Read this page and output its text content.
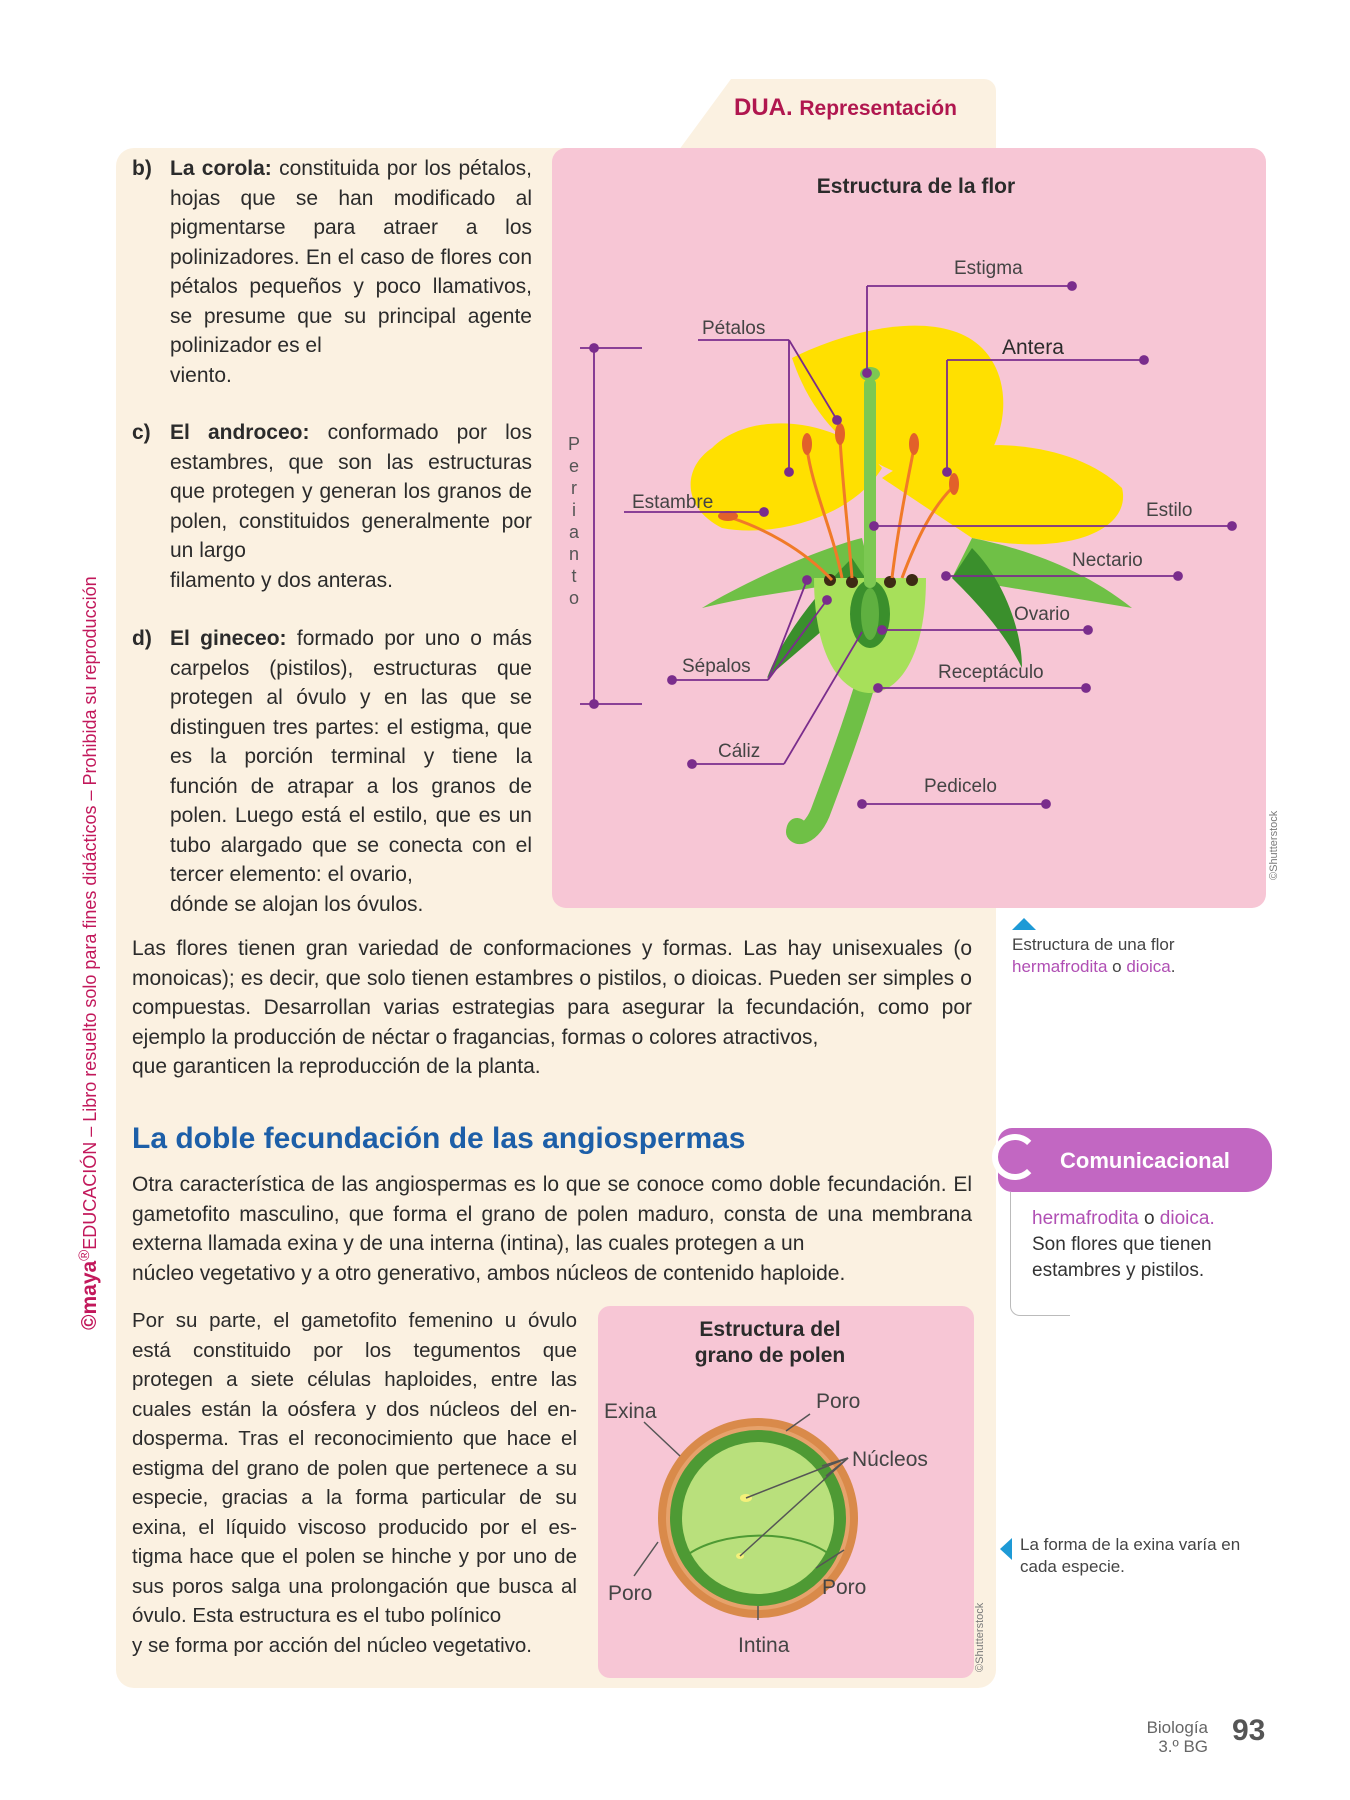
DUA. Representación
©maya®EDUCACIÓN – Libro resuelto solo para fines didácticos – Prohibida su reproducción
b) La corola: constituida por los pétalos, hojas que se han modificado al pigmentarse para atraer a los polinizadores. En el caso de flores con pétalos pequeños y poco llamativos, se presume que su principal agente polinizador es el
viento.
c) El androceo: conformado por los estambres, que son las estructuras que protegen y generan los granos de polen, constituidos generalmente por un largo
filamento y dos anteras.
d) El gineceo: formado por uno o más carpelos (pistilos), estructuras que protegen al óvulo y en las que se distinguen tres partes: el estigma, que es la porción terminal y tiene la función de atrapar a los granos de polen. Luego está el estilo, que es un tubo alargado que se conecta con el tercer elemento: el ovario,
dónde se alojan los óvulos.
Las flores tienen gran variedad de conformaciones y formas. Las hay unisexuales (o monoicas); es decir, que solo tienen estambres o pistilos, o dioicas. Pueden ser simples o compuestas. Desarrollan varias estrategias para asegurar la fecundación, como por ejemplo la producción de néctar o fragancias, formas o colores atractivos,
que garanticen la reproducción de la planta.
La doble fecundación de las angiospermas
Otra característica de las angiospermas es lo que se conoce como doble fecundación. El gametofito masculino, que forma el grano de polen maduro, consta de una membrana externa llamada exina y de una interna (intina), las cuales protegen a un
núcleo vegetativo y a otro generativo, ambos núcleos de contenido haploide.
Por su parte, el gametofito femenino u óvulo está constituido por los tegumentos que protegen a siete células haploides, entre las cuales están la oósfera y dos núcleos del endosperma. Tras el reconocimiento que hace el estigma del grano de polen que pertenece a su especie, gracias a la forma particular de su exina, el líquido viscoso producido por el estigma hace que el polen se hinche y por uno de sus poros salga una prolongación que busca al óvulo. Esta estructura es el tubo polínico
y se forma por acción del núcleo vegetativo.
Estructura de la flor
Estigma
Pétalos
Antera
Estambre	Estilo
Nectario
Ovario
Sépalos	Receptáculo
Cáliz
Pedicelo
P
e
r
i
a
n
t
o
©Shutterstock
Estructura de una flor
hermafrodita o dioica.
Comunicacional
hermafrodita o dioica.
Son flores que tienen estambres y pistilos.
Estructura del
grano de polen
Exina	Poro
Núcleos
Poro	Poro
Intina	©Shutterstock
La forma de la exina varía en cada especie.
Biología
3.º BG 93
